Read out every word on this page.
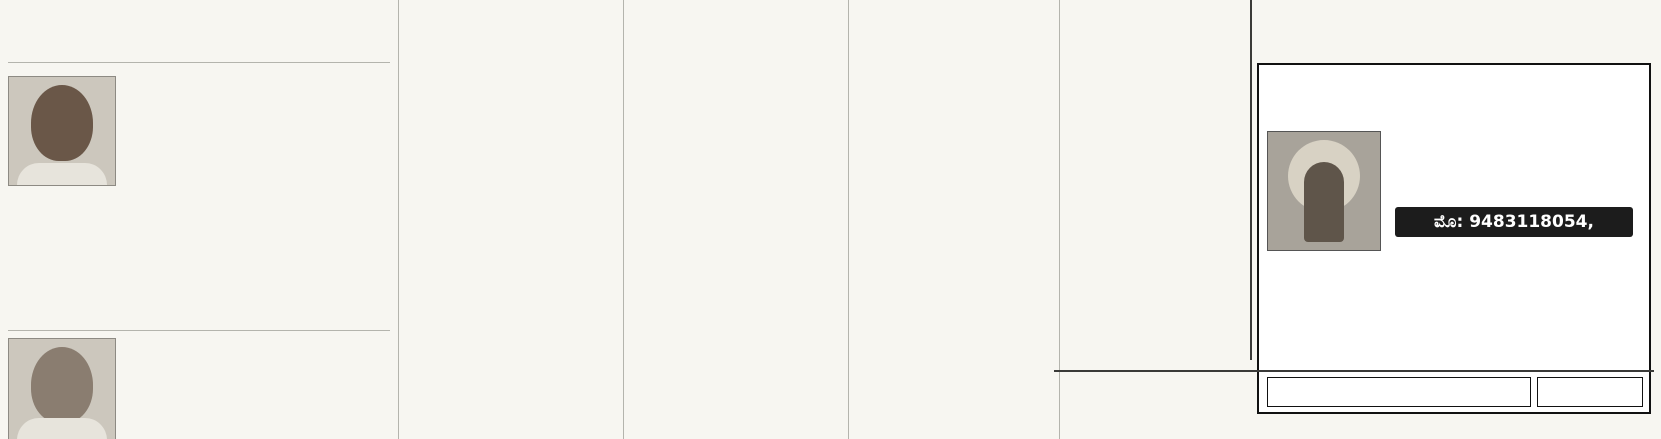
ಮೊ: 9483118054, 9731083597
